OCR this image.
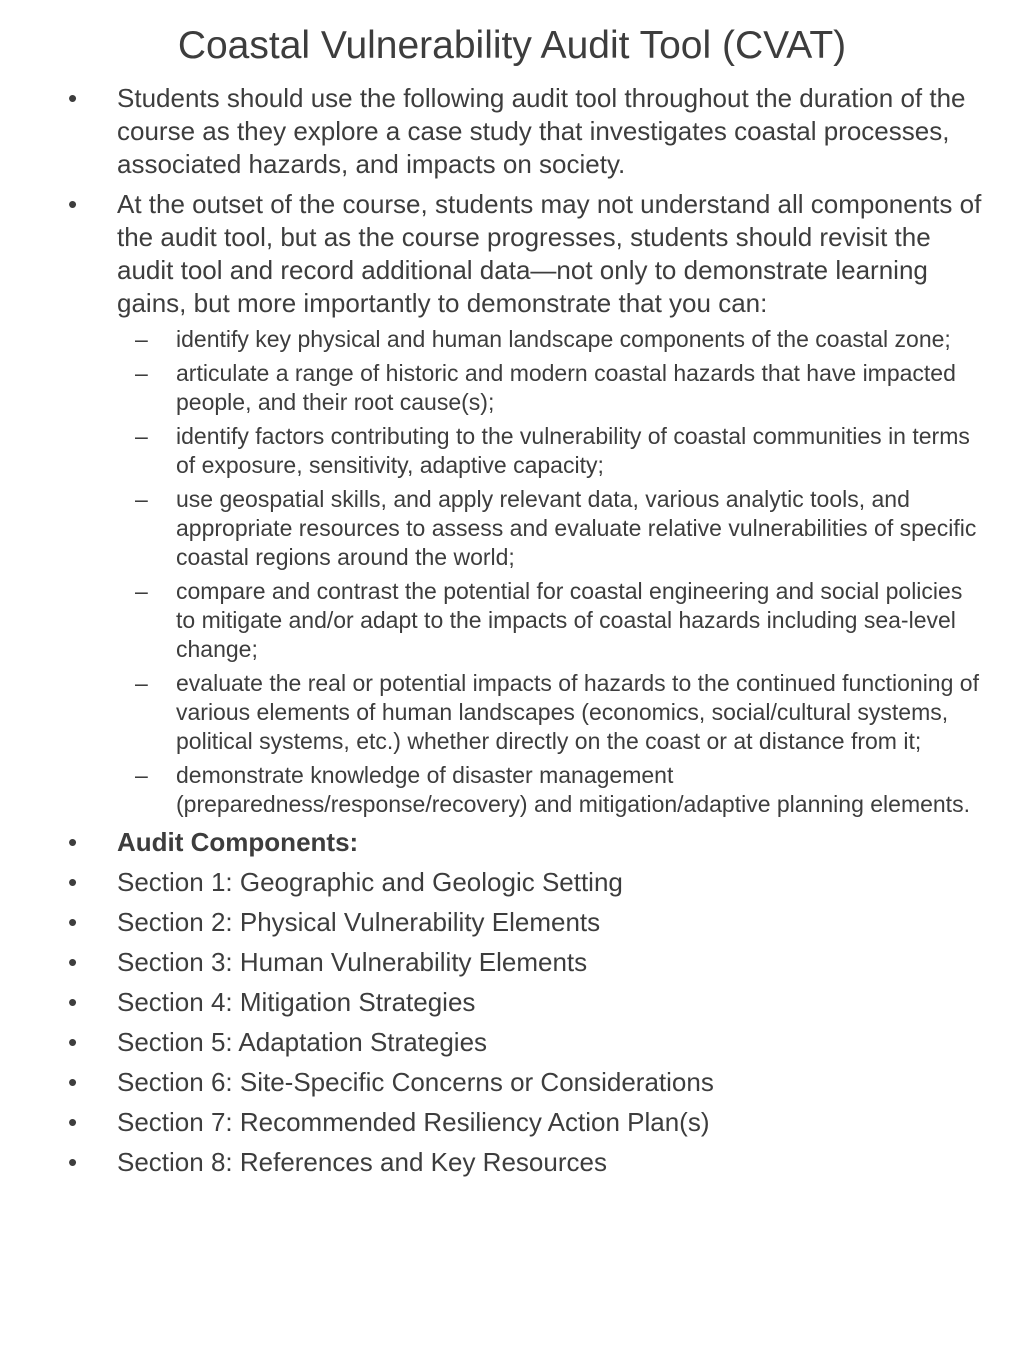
Coastal Vulnerability Audit Tool (CVAT)
•	Students should use the following audit tool throughout the duration of the course as they explore a case study that investigates coastal processes, associated hazards, and impacts on society.
•	At the outset of the course, students may not understand all components of the audit tool, but as the course progresses, students should revisit the audit tool and record additional data—not only to demonstrate learning gains, but more importantly to demonstrate that you can:
–	identify key physical and human landscape components of the coastal zone;
–	articulate a range of historic and modern coastal hazards that have impacted people, and their root cause(s);
–	identify factors contributing to the vulnerability of coastal communities in terms of exposure, sensitivity, adaptive capacity;
–	use geospatial skills, and apply relevant data, various analytic tools, and appropriate resources to assess and evaluate relative vulnerabilities of specific coastal regions around the world;
–	compare and contrast the potential for coastal engineering and social policies to mitigate and/or adapt to the impacts of coastal hazards including sea-level change;
–	evaluate the real or potential impacts of hazards to the continued functioning of various elements of human landscapes (economics, social/cultural systems, political systems, etc.) whether directly on the coast or at distance from it;
–	demonstrate knowledge of disaster management (preparedness/response/recovery) and mitigation/adaptive planning elements.
•	Audit Components:
•	Section 1: Geographic and Geologic Setting
•	Section 2: Physical Vulnerability Elements
•	Section 3: Human Vulnerability Elements
•	Section 4: Mitigation Strategies
•	Section 5: Adaptation Strategies
•	Section 6: Site-Specific Concerns or Considerations
•	Section 7: Recommended Resiliency Action Plan(s)
•	Section 8: References and Key Resources
